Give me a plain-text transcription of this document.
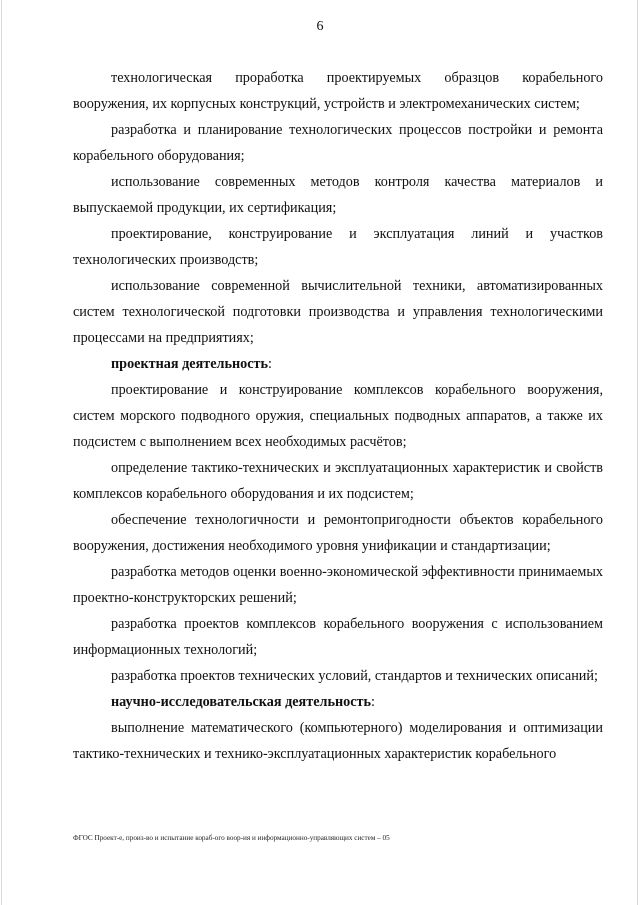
6

технологическая проработка проектируемых образцов корабельного вооружения, их корпусных конструкций, устройств и электромеханических систем;

разработка и планирование технологических процессов постройки и ремонта корабельного оборудования;

использование современных методов контроля качества материалов и выпускаемой продукции, их сертификация;

проектирование, конструирование и эксплуатация линий и участков технологических производств;

использование современной вычислительной техники, автоматизированных систем технологической подготовки производства и управления технологическими процессами на предприятиях;

проектная деятельность:

проектирование и конструирование комплексов корабельного вооружения, систем морского подводного оружия, специальных подводных аппаратов, а также их подсистем с выполнением всех необходимых расчётов;

определение тактико-технических и эксплуатационных характеристик и свойств комплексов корабельного оборудования и их подсистем;

обеспечение технологичности и ремонтопригодности объектов корабельного вооружения, достижения необходимого уровня унификации и стандартизации;

разработка методов оценки военно-экономической эффективности принимаемых проектно-конструкторских решений;

разработка проектов комплексов корабельного вооружения с использованием информационных технологий;

разработка проектов технических условий, стандартов и технических описаний;

научно-исследовательская деятельность:

выполнение математического (компьютерного) моделирования и оптимизации тактико-технических и технико-эксплуатационных характеристик корабельного

ФГОС Проект-е, произ-во и испытание кораб-ого воор-ия и информационно-управляющих систем – 05
